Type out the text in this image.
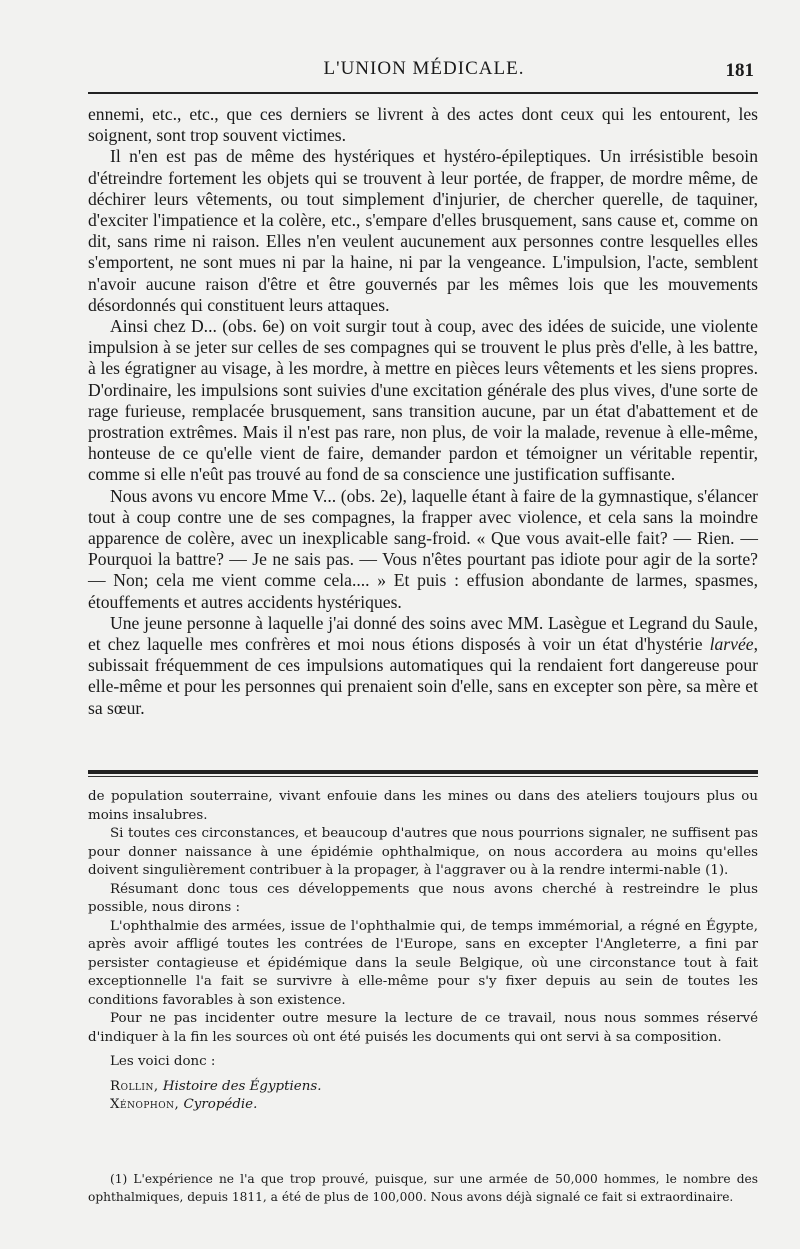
L'UNION MÉDICALE.	181

ennemi, etc., etc., que ces derniers se livrent à des actes dont ceux qui les entourent, les soignent, sont trop souvent victimes.

Il n'en est pas de même des hystériques et hystéro-épileptiques. Un irrésistible besoin d'étreindre fortement les objets qui se trouvent à leur portée, de frapper, de mordre même, de déchirer leurs vêtements, ou tout simplement d'injurier, de chercher querelle, de taquiner, d'exciter l'impatience et la colère, etc., s'empare d'elles brusquement, sans cause et, comme on dit, sans rime ni raison. Elles n'en veulent aucunement aux personnes contre lesquelles elles s'emportent, ne sont mues ni par la haine, ni par la vengeance. L'impulsion, l'acte, semblent n'avoir aucune raison d'être et être gouvernés par les mêmes lois que les mouvements désordonnés qui constituent leurs attaques.

Ainsi chez D... (obs. 6e) on voit surgir tout à coup, avec des idées de suicide, une violente impulsion à se jeter sur celles de ses compagnes qui se trouvent le plus près d'elle, à les battre, à les égratigner au visage, à les mordre, à mettre en pièces leurs vêtements et les siens propres. D'ordinaire, les impulsions sont suivies d'une excitation générale des plus vives, d'une sorte de rage furieuse, remplacée brusquement, sans transition aucune, par un état d'abattement et de prostration extrêmes. Mais il n'est pas rare, non plus, de voir la malade, revenue à elle-même, honteuse de ce qu'elle vient de faire, demander pardon et témoigner un véritable repentir, comme si elle n'eût pas trouvé au fond de sa conscience une justification suffisante.

Nous avons vu encore Mme V... (obs. 2e), laquelle étant à faire de la gymnastique, s'élancer tout à coup contre une de ses compagnes, la frapper avec violence, et cela sans la moindre apparence de colère, avec un inexplicable sang-froid. « Que vous avait-elle fait? — Rien. — Pourquoi la battre? — Je ne sais pas. — Vous n'êtes pourtant pas idiote pour agir de la sorte? — Non; cela me vient comme cela.... » Et puis : effusion abondante de larmes, spasmes, étouffements et autres accidents hystériques.

Une jeune personne à laquelle j'ai donné des soins avec MM. Lasègue et Legrand du Saule, et chez laquelle mes confrères et moi nous étions disposés à voir un état d'hystérie larvée, subissait fréquemment de ces impulsions automatiques qui la rendaient fort dangereuse pour elle-même et pour les personnes qui prenaient soin d'elle, sans en excepter son père, sa mère et sa sœur.

de population souterraine, vivant enfouie dans les mines ou dans des ateliers toujours plus ou moins insalubres.

Si toutes ces circonstances, et beaucoup d'autres que nous pourrions signaler, ne suffisent pas pour donner naissance à une épidémie ophthalmique, on nous accordera au moins qu'elles doivent singulièrement contribuer à la propager, à l'aggraver ou à la rendre intermi-nable (1).

Résumant donc tous ces développements que nous avons cherché à restreindre le plus possible, nous dirons :

L'ophthalmie des armées, issue de l'ophthalmie qui, de temps immémorial, a régné en Égypte, après avoir affligé toutes les contrées de l'Europe, sans en excepter l'Angleterre, a fini par persister contagieuse et épidémique dans la seule Belgique, où une circonstance tout à fait exceptionnelle l'a fait se survivre à elle-même pour s'y fixer depuis au sein de toutes les conditions favorables à son existence.

Pour ne pas incidenter outre mesure la lecture de ce travail, nous nous sommes réservé d'indiquer à la fin les sources où ont été puisés les documents qui ont servi à sa composition.

Les voici donc :

Rollin, Histoire des Égyptiens.

Xénophon, Cyropédie.

(1) L'expérience ne l'a que trop prouvé, puisque, sur une armée de 50,000 hommes, le nombre des ophthalmiques, depuis 1811, a été de plus de 100,000. Nous avons déjà signalé ce fait si extraordinaire.
